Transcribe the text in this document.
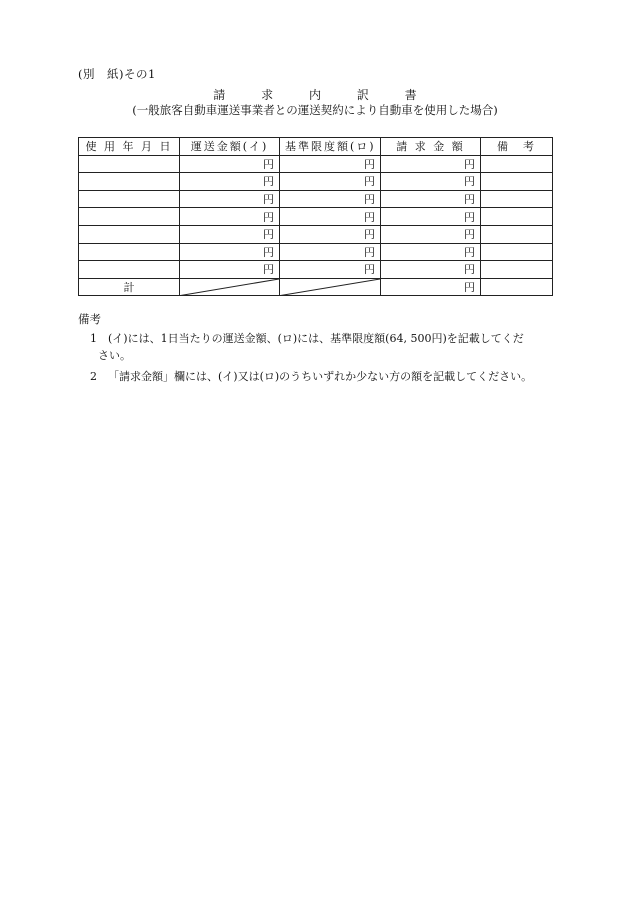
(別　紙)その1
請	求	内	訳	書
(一般旅客自動車運送事業者との運送契約により自動車を使用した場合)
使 用 年 月 日	運送金額(イ)	基準限度額(ロ)	請 求 金 額	備　考
	円	円	円	
	円	円	円	
	円	円	円	
	円	円	円	
	円	円	円	
	円	円	円	
	円	円	円	
計			円	
備考
1 (イ)には、1日当たりの運送金額、(ロ)には、基準限度額(64, 500円)を記載してくだ
さい。
2 「請求金額」欄には、(イ)又は(ロ)のうちいずれか少ない方の額を記載してください。
